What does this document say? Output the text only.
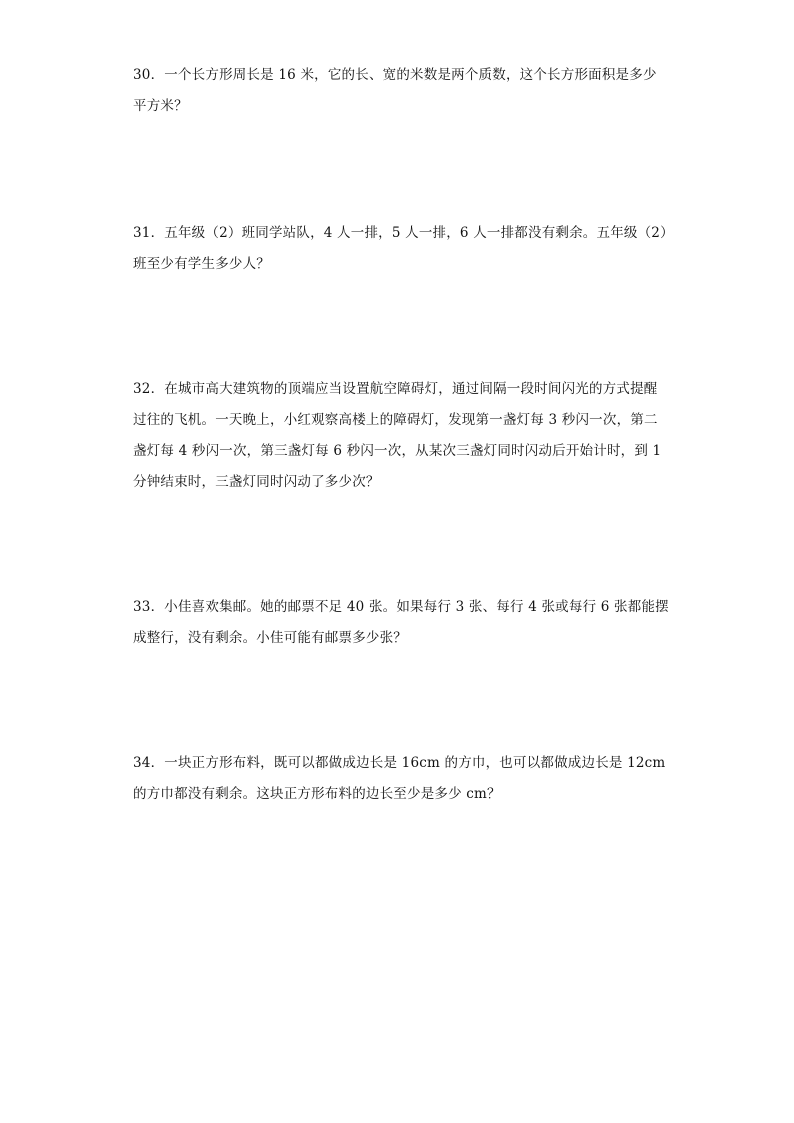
30．一个长方形周长是 16 米，它的长、宽的米数是两个质数，这个长方形面积是多少
平方米？
31．五年级（2）班同学站队，4 人一排，5 人一排，6 人一排都没有剩余。五年级（2）
班至少有学生多少人？
32．在城市高大建筑物的顶端应当设置航空障碍灯，通过间隔一段时间闪光的方式提醒
过往的飞机。一天晚上，小红观察高楼上的障碍灯，发现第一盏灯每 3 秒闪一次，第二
盏灯每 4 秒闪一次，第三盏灯每 6 秒闪一次，从某次三盏灯同时闪动后开始计时，到 1
分钟结束时，三盏灯同时闪动了多少次？
33．小佳喜欢集邮。她的邮票不足 40 张。如果每行 3 张、每行 4 张或每行 6 张都能摆
成整行，没有剩余。小佳可能有邮票多少张？
34．一块正方形布料，既可以都做成边长是 16cm 的方巾，也可以都做成边长是 12cm
的方巾都没有剩余。这块正方形布料的边长至少是多少 cm？
